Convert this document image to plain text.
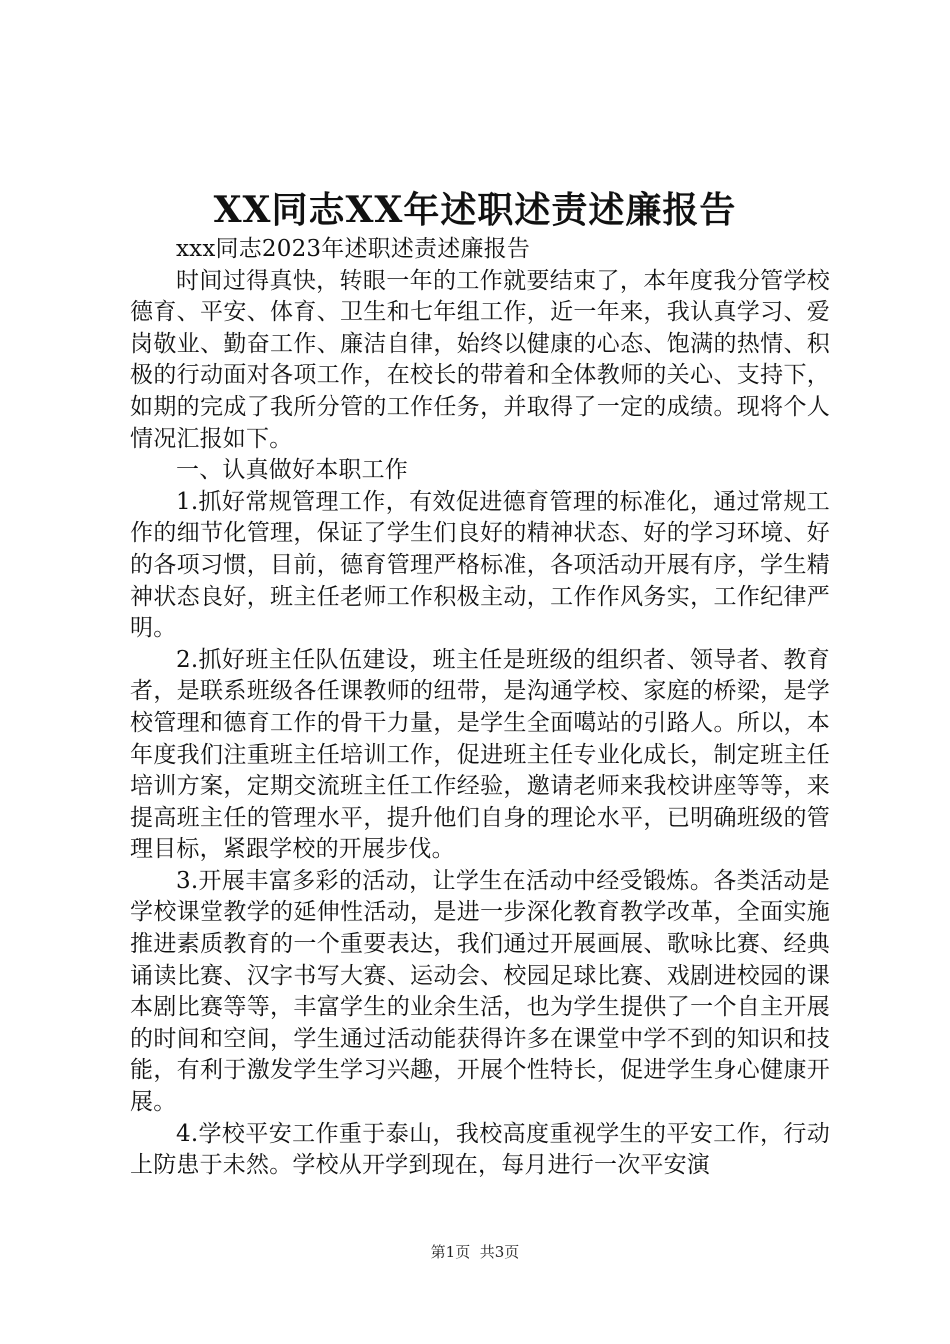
XX同志XX年述职述责述廉报告

xxx同志2023年述职述责述廉报告

时间过得真快，转眼一年的工作就要结束了，本年度我分管学校德育、平安、体育、卫生和七年组工作，近一年来，我认真学习、爱岗敬业、勤奋工作、廉洁自律，始终以健康的心态、饱满的热情、积极的行动面对各项工作，在校长的带着和全体教师的关心、支持下，如期的完成了我所分管的工作任务，并取得了一定的成绩。现将个人情况汇报如下。

一、认真做好本职工作

1.抓好常规管理工作，有效促进德育管理的标准化，通过常规工作的细节化管理，保证了学生们良好的精神状态、好的学习环境、好的各项习惯，目前，德育管理严格标准，各项活动开展有序，学生精神状态良好，班主任老师工作积极主动，工作作风务实，工作纪律严明。

2.抓好班主任队伍建设，班主任是班级的组织者、领导者、教育者，是联系班级各任课教师的纽带，是沟通学校、家庭的桥梁，是学校管理和德育工作的骨干力量，是学生全面噶站的引路人。所以，本年度我们注重班主任培训工作，促进班主任专业化成长，制定班主任培训方案，定期交流班主任工作经验，邀请老师来我校讲座等等，来提高班主任的管理水平，提升他们自身的理论水平，已明确班级的管理目标，紧跟学校的开展步伐。

3.开展丰富多彩的活动，让学生在活动中经受锻炼。各类活动是学校课堂教学的延伸性活动，是进一步深化教育教学改革，全面实施推进素质教育的一个重要表达，我们通过开展画展、歌咏比赛、经典诵读比赛、汉字书写大赛、运动会、校园足球比赛、戏剧进校园的课本剧比赛等等，丰富学生的业余生活，也为学生提供了一个自主开展的时间和空间，学生通过活动能获得许多在课堂中学不到的知识和技能，有利于激发学生学习兴趣，开展个性特长，促进学生身心健康开展。

4.学校平安工作重于泰山，我校高度重视学生的平安工作，行动上防患于未然。学校从开学到现在，每月进行一次平安演

第1页 共3页
